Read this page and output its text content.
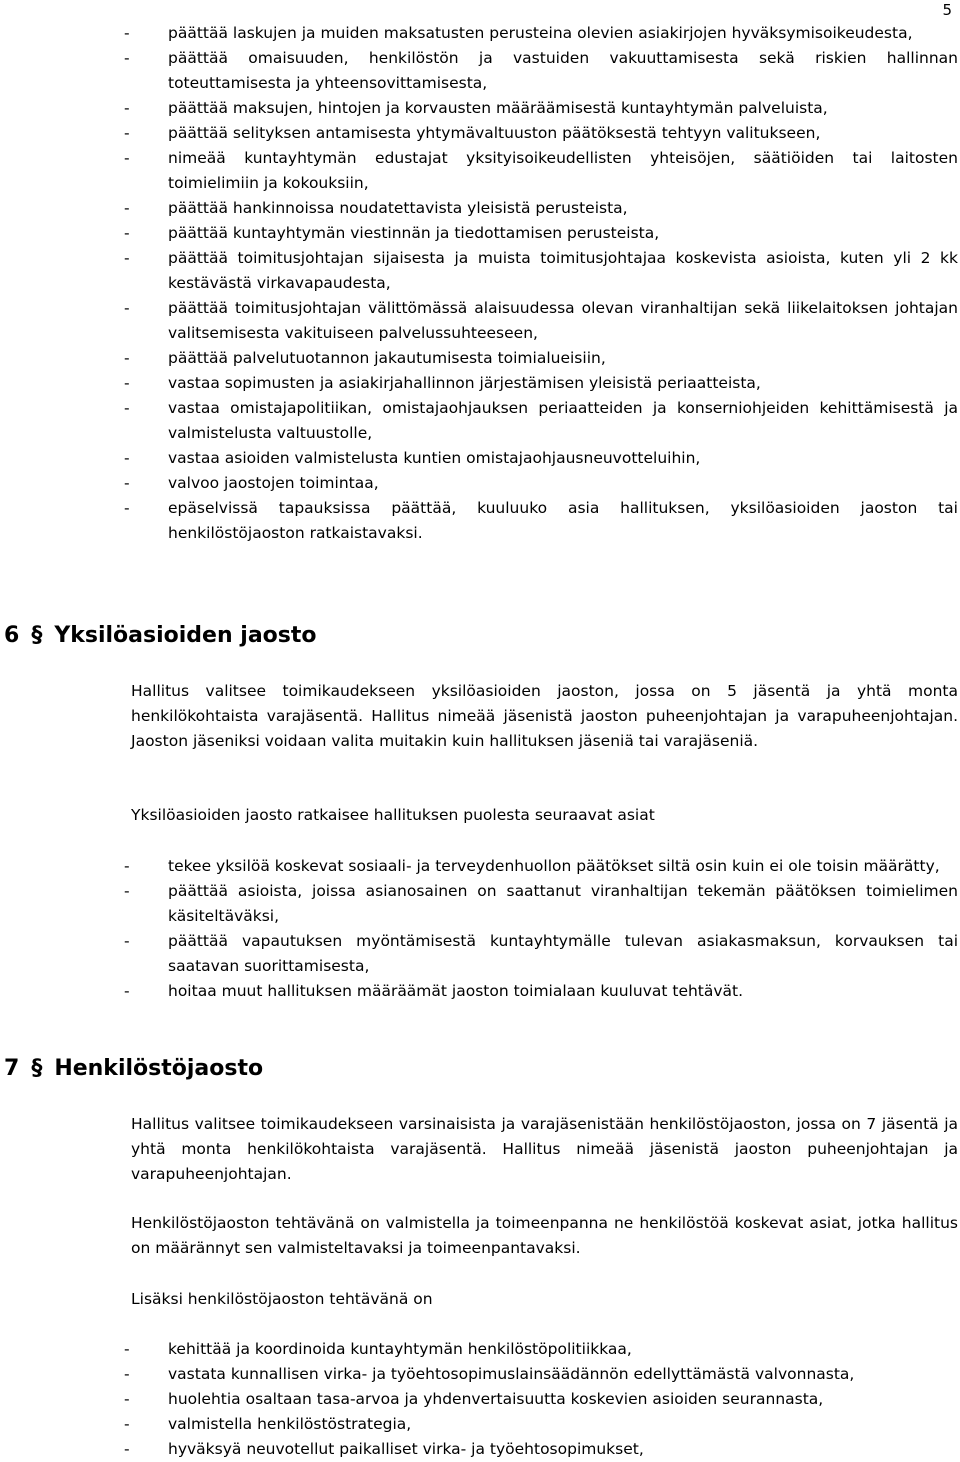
5
- päättää laskujen ja muiden maksatusten perusteina olevien asiakirjojen hyväksymisoikeudesta,
- päättää omaisuuden, henkilöstön ja vastuiden vakuuttamisesta sekä riskien hallinnan toteuttamisesta ja yhteensovittamisesta,
- päättää maksujen, hintojen ja korvausten määräämisestä kuntayhtymän palveluista,
- päättää selityksen antamisesta yhtymävaltuuston päätöksestä tehtyyn valitukseen,
- nimeää kuntayhtymän edustajat yksityisoikeudellisten yhteisöjen, säätiöiden tai laitosten toimielimiin ja kokouksiin,
- päättää hankinnoissa noudatettavista yleisistä perusteista,
- päättää kuntayhtymän viestinnän ja tiedottamisen perusteista,
- päättää toimitusjohtajan sijaisesta ja muista toimitusjohtajaa koskevista asioista, kuten yli 2 kk kestävästä virkavapaudesta,
- päättää toimitusjohtajan välittömässä alaisuudessa olevan viranhaltijan sekä liikelaitoksen johtajan valitsemisesta vakituiseen palvelussuhteeseen,
- päättää palvelutuotannon jakautumisesta toimialueisiin,
- vastaa sopimusten ja asiakirjahallinnon järjestämisen yleisistä periaatteista,
- vastaa omistajapolitiikan, omistajaohjauksen periaatteiden ja konserniohjeiden kehittämisestä ja valmistelusta valtuustolle,
- vastaa asioiden valmistelusta kuntien omistajaohjausneuvotteluihin,
- valvoo jaostojen toimintaa,
- epäselvissä tapauksissa päättää, kuuluuko asia hallituksen, yksilöasioiden jaoston tai henkilöstöjaoston ratkaistavaksi.
6 § Yksilöasioiden jaosto

Hallitus valitsee toimikaudekseen yksilöasioiden jaoston, jossa on 5 jäsentä ja yhtä monta henkilökohtaista varajäsentä. Hallitus nimeää jäsenistä jaoston puheenjohtajan ja varapuheenjohtajan. Jaoston jäseniksi voidaan valita muitakin kuin hallituksen jäseniä tai varajäseniä.

Yksilöasioiden jaosto ratkaisee hallituksen puolesta seuraavat asiat

- tekee yksilöä koskevat sosiaali- ja terveydenhuollon päätökset siltä osin kuin ei ole toisin määrätty,
- päättää asioista, joissa asianosainen on saattanut viranhaltijan tekemän päätöksen toimielimen käsiteltäväksi,
- päättää vapautuksen myöntämisestä kuntayhtymälle tulevan asiakasmaksun, korvauksen tai saatavan suorittamisesta,
- hoitaa muut hallituksen määräämät jaoston toimialaan kuuluvat tehtävät.
7 § Henkilöstöjaosto

Hallitus valitsee toimikaudekseen varsinaisista ja varajäsenistään henkilöstöjaoston, jossa on 7 jäsentä ja yhtä monta henkilökohtaista varajäsentä. Hallitus nimeää jäsenistä jaoston puheenjohtajan ja varapuheenjohtajan.

Henkilöstöjaoston tehtävänä on valmistella ja toimeenpanna ne henkilöstöä koskevat asiat, jotka hallitus on määrännyt sen valmisteltavaksi ja toimeenpantavaksi.

Lisäksi henkilöstöjaoston tehtävänä on

- kehittää ja koordinoida kuntayhtymän henkilöstöpolitiikkaa,
- vastata kunnallisen virka- ja työehtosopimuslainsäädännön edellyttämästä valvonnasta,
- huolehtia osaltaan tasa-arvoa ja yhdenvertaisuutta koskevien asioiden seurannasta,
- valmistella henkilöstöstrategia,
- hyväksyä neuvotellut paikalliset virka- ja työehtosopimukset,
